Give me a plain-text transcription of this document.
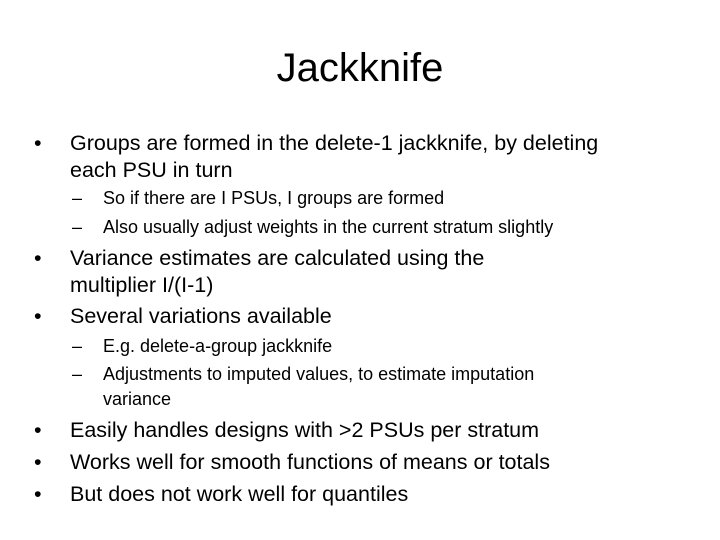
Jackknife
• Groups are formed in the delete-1 jackknife, by deleting
each PSU in turn
– So if there are I PSUs, I groups are formed
– Also usually adjust weights in the current stratum slightly
• Variance estimates are calculated using the
multiplier I/(I-1)
• Several variations available
– E.g. delete-a-group jackknife
– Adjustments to imputed values, to estimate imputation
variance
• Easily handles designs with >2 PSUs per stratum
• Works well for smooth functions of means or totals
• But does not work well for quantiles
